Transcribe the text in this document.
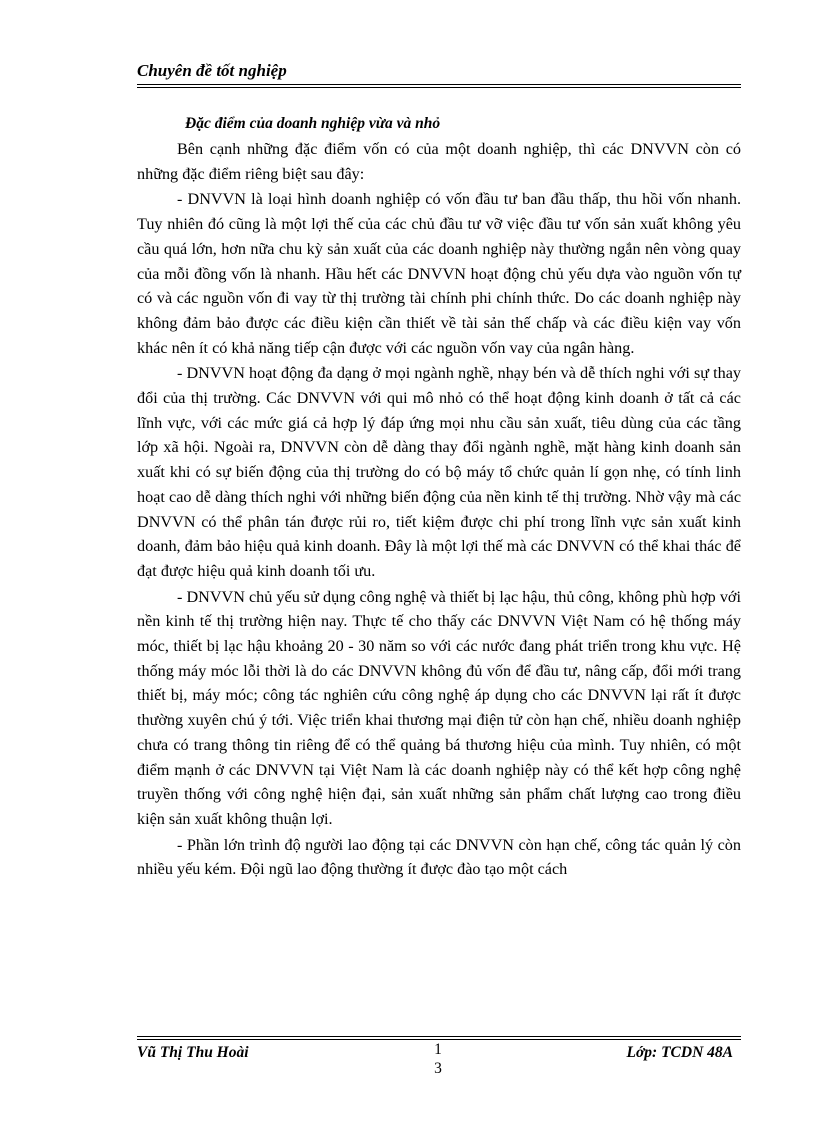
Chuyên đề tốt nghiệp
Đặc điểm của doanh nghiệp vừa và nhỏ

Bên cạnh những đặc điểm vốn có của một doanh nghiệp, thì các DNVVN còn có những đặc điểm riêng biệt sau đây:

- DNVVN là loại hình doanh nghiệp có vốn đầu tư ban đầu thấp, thu hồi vốn nhanh. Tuy nhiên đó cũng là một lợi thế của các chủ đầu tư vỡ việc đầu tư vốn sản xuất không yêu cầu quá lớn, hơn nữa chu kỳ sản xuất của các doanh nghiệp này thường ngắn nên vòng quay của mỗi đồng vốn là nhanh. Hầu hết các DNVVN hoạt động chủ yếu dựa vào nguồn vốn tự có và các nguồn vốn đi vay từ thị trường tài chính phi chính thức. Do các doanh nghiệp này không đảm bảo được các điều kiện cần thiết về tài sản thế chấp và các điều kiện vay vốn khác nên ít có khả năng tiếp cận được với các nguồn vốn vay của ngân hàng.

- DNVVN hoạt động đa dạng ở mọi ngành nghề, nhạy bén và dễ thích nghi với sự thay đổi của thị trường. Các DNVVN với qui mô nhỏ có thể hoạt động kinh doanh ở tất cả các lĩnh vực, với các mức giá cả hợp lý đáp ứng mọi nhu cầu sản xuất, tiêu dùng của các tầng lớp xã hội. Ngoài ra, DNVVN còn dễ dàng thay đổi ngành nghề, mặt hàng kinh doanh sản xuất khi có sự biến động của thị trường do có bộ máy tổ chức quản lí gọn nhẹ, có tính linh hoạt cao dễ dàng thích nghi với những biến động của nền kinh tế thị trường. Nhờ vậy mà các DNVVN có thể phân tán được rủi ro, tiết kiệm được chi phí trong lĩnh vực sản xuất kinh doanh, đảm bảo hiệu quả kinh doanh. Đây là một lợi thế mà các DNVVN có thể khai thác để đạt được hiệu quả kinh doanh tối ưu.

- DNVVN chủ yếu sử dụng công nghệ và thiết bị lạc hậu, thủ công, không phù hợp với nền kinh tế thị trường hiện nay. Thực tế cho thấy các DNVVN Việt Nam có hệ thống máy móc, thiết bị lạc hậu khoảng 20 - 30 năm so với các nước đang phát triển trong khu vực. Hệ thống máy móc lỗi thời là do các DNVVN không đủ vốn để đầu tư, nâng cấp, đổi mới trang thiết bị, máy móc; công tác nghiên cứu công nghệ áp dụng cho các DNVVN lại rất ít được thường xuyên chú ý tới. Việc triển khai thương mại điện tử còn hạn chế, nhiều doanh nghiệp chưa có trang thông tin riêng để có thể quảng bá thương hiệu của mình. Tuy nhiên, có một điểm mạnh ở các DNVVN tại Việt Nam là các doanh nghiệp này có thể kết hợp công nghệ truyền thống với công nghệ hiện đại, sản xuất những sản phẩm chất lượng cao trong điều kiện sản xuất không thuận lợi.

- Phần lớn trình độ người lao động tại các DNVVN còn hạn chế, công tác quản lý còn nhiều yếu kém. Đội ngũ lao động thường ít được đào tạo một cách

Vũ Thị Thu Hoài	1
3
Lớp: TCDN 48A
